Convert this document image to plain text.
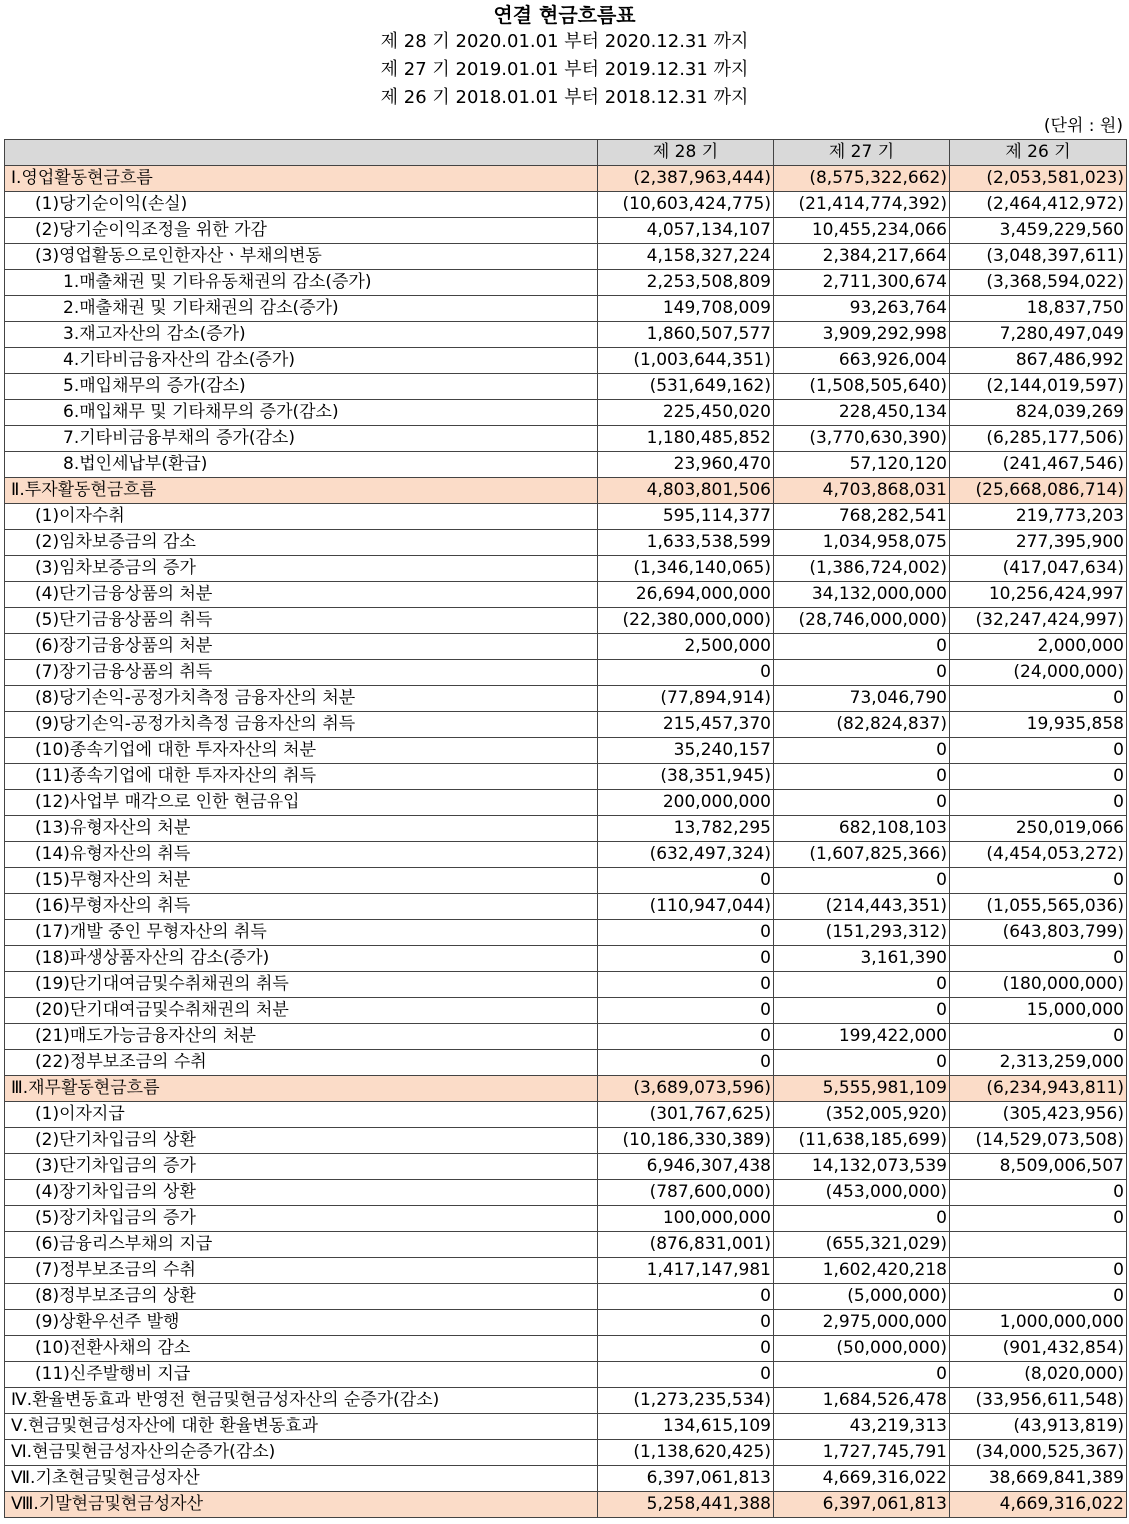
연결 현금흐름표
제 28 기 2020.01.01 부터 2020.12.31 까지
제 27 기 2019.01.01 부터 2019.12.31 까지
제 26 기 2018.01.01 부터 2018.12.31 까지
(단위 : 원)
	제 28 기	제 27 기	제 26 기
Ⅰ.영업활동현금흐름	(2,387,963,444)	(8,575,322,662)	(2,053,581,023)
(1)당기순이익(손실)	(10,603,424,775)	(21,414,774,392)	(2,464,412,972)
(2)당기순이익조정을 위한 가감	4,057,134,107	10,455,234,066	3,459,229,560
(3)영업활동으로인한자산ㆍ부채의변동	4,158,327,224	2,384,217,664	(3,048,397,611)
1.매출채권 및 기타유동채권의 감소(증가)	2,253,508,809	2,711,300,674	(3,368,594,022)
2.매출채권 및 기타채권의 감소(증가)	149,708,009	93,263,764	18,837,750
3.재고자산의 감소(증가)	1,860,507,577	3,909,292,998	7,280,497,049
4.기타비금융자산의 감소(증가)	(1,003,644,351)	663,926,004	867,486,992
5.매입채무의 증가(감소)	(531,649,162)	(1,508,505,640)	(2,144,019,597)
6.매입채무 및 기타채무의 증가(감소)	225,450,020	228,450,134	824,039,269
7.기타비금융부채의 증가(감소)	1,180,485,852	(3,770,630,390)	(6,285,177,506)
8.법인세납부(환급)	23,960,470	57,120,120	(241,467,546)
Ⅱ.투자활동현금흐름	4,803,801,506	4,703,868,031	(25,668,086,714)
(1)이자수취	595,114,377	768,282,541	219,773,203
(2)임차보증금의 감소	1,633,538,599	1,034,958,075	277,395,900
(3)임차보증금의 증가	(1,346,140,065)	(1,386,724,002)	(417,047,634)
(4)단기금융상품의 처분	26,694,000,000	34,132,000,000	10,256,424,997
(5)단기금융상품의 취득	(22,380,000,000)	(28,746,000,000)	(32,247,424,997)
(6)장기금융상품의 처분	2,500,000	0	2,000,000
(7)장기금융상품의 취득	0	0	(24,000,000)
(8)당기손익-공정가치측정 금융자산의 처분	(77,894,914)	73,046,790	0
(9)당기손익-공정가치측정 금융자산의 취득	215,457,370	(82,824,837)	19,935,858
(10)종속기업에 대한 투자자산의 처분	35,240,157	0	0
(11)종속기업에 대한 투자자산의 취득	(38,351,945)	0	0
(12)사업부 매각으로 인한 현금유입	200,000,000	0	0
(13)유형자산의 처분	13,782,295	682,108,103	250,019,066
(14)유형자산의 취득	(632,497,324)	(1,607,825,366)	(4,454,053,272)
(15)무형자산의 처분	0	0	0
(16)무형자산의 취득	(110,947,044)	(214,443,351)	(1,055,565,036)
(17)개발 중인 무형자산의 취득	0	(151,293,312)	(643,803,799)
(18)파생상품자산의 감소(증가)	0	3,161,390	0
(19)단기대여금및수취채권의 취득	0	0	(180,000,000)
(20)단기대여금및수취채권의 처분	0	0	15,000,000
(21)매도가능금융자산의 처분	0	199,422,000	0
(22)정부보조금의 수취	0	0	2,313,259,000
Ⅲ.재무활동현금흐름	(3,689,073,596)	5,555,981,109	(6,234,943,811)
(1)이자지급	(301,767,625)	(352,005,920)	(305,423,956)
(2)단기차입금의 상환	(10,186,330,389)	(11,638,185,699)	(14,529,073,508)
(3)단기차입금의 증가	6,946,307,438	14,132,073,539	8,509,006,507
(4)장기차입금의 상환	(787,600,000)	(453,000,000)	0
(5)장기차입금의 증가	100,000,000	0	0
(6)금융리스부채의 지급	(876,831,001)	(655,321,029)	
(7)정부보조금의 수취	1,417,147,981	1,602,420,218	0
(8)정부보조금의 상환	0	(5,000,000)	0
(9)상환우선주 발행	0	2,975,000,000	1,000,000,000
(10)전환사채의 감소	0	(50,000,000)	(901,432,854)
(11)신주발행비 지급	0	0	(8,020,000)
Ⅳ.환율변동효과 반영전 현금및현금성자산의 순증가(감소)	(1,273,235,534)	1,684,526,478	(33,956,611,548)
Ⅴ.현금및현금성자산에 대한 환율변동효과	134,615,109	43,219,313	(43,913,819)
Ⅵ.현금및현금성자산의순증가(감소)	(1,138,620,425)	1,727,745,791	(34,000,525,367)
Ⅶ.기초현금및현금성자산	6,397,061,813	4,669,316,022	38,669,841,389
Ⅷ.기말현금및현금성자산	5,258,441,388	6,397,061,813	4,669,316,022
